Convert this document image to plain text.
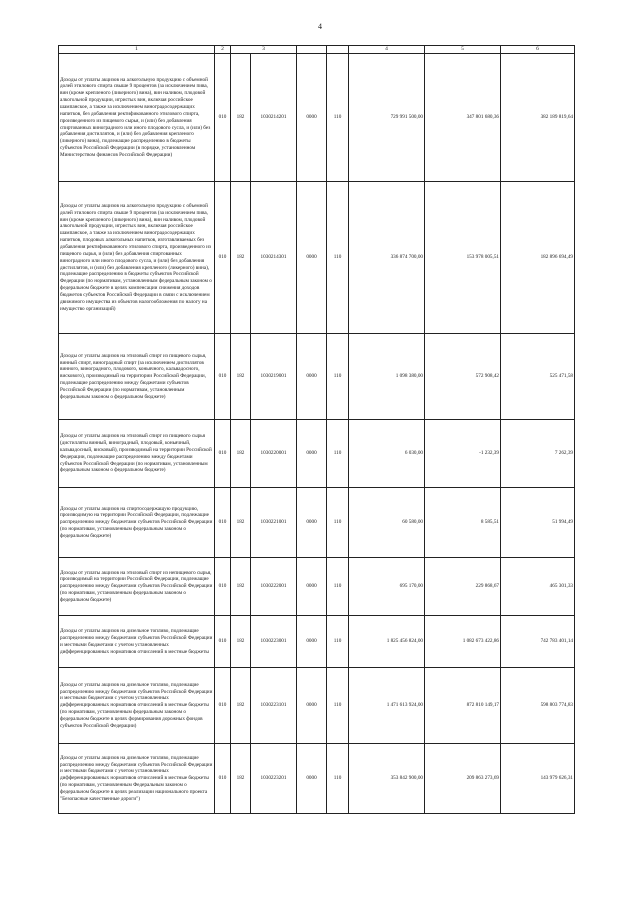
4
1	2	3				4	5	6
Доходы от уплаты акцизов на алкогольную продукцию с объемной долей этилового спирта свыше 9 процентов (за исключением пива, вин (кроме крепленого (ликерного) вина), вин наливом, плодовой алкогольной продукции, игристых вин, включая российское шампанское, а также за исключением виноградосодержащих напитков, без добавления ректификованного этилового спирта, произведенного из пищевого сырья, и (или) без добавления спиртованных виноградного или иного плодового сусла, и (или) без добавления дистиллятов, и (или) без добавления крепленого (ликерного) вина), подлежащие распределению в бюджеты субъектов Российской Федерации (в порядке, установленном Министерством финансов Российской Федерации)	010	182	1030214201	0000	110	729 991 500,00	347 801 680,36	382 189 819,64
Доходы от уплаты акцизов на алкогольную продукцию с объемной долей этилового спирта свыше 9 процентов (за исключением пива, вин (кроме крепленого (ликерного) вина), вин наливом, плодовой алкогольной продукции, игристых вин, включая российское шампанское, а также за исключением виноградосодержащих напитков, плодовых алкогольных напитков, изготавливаемых без добавления ректификованного этилового спирта, произведенного из пищевого сырья, и (или) без добавления спиртованных виноградного или иного плодового сусла, и (или) без добавления дистиллятов, и (или) без добавления крепленого (ликерного) вина), подлежащие распределению в бюджеты субъектов Российской Федерации (по нормативам, установленным федеральным законом о федеральном бюджете в целях компенсации снижения доходов бюджетов субъектов Российской Федерации в связи с исключением движимого имущества из объектов налогообложения по налогу на имущество организаций)	010	182	1030214301	0000	110	336 874 700,00	153 978 005,51	182 896 694,49
Доходы от уплаты акцизов на этиловый спирт из пищевого сырья, винный спирт, виноградный спирт (за исключением дистиллятов винного, виноградного, плодового, коньячного, кальвадосного, вискового), производимый на территории Российской Федерации, подлежащие распределению между бюджетами субъектов Российской Федерации (по нормативам, установленным федеральным законом о федеральном бюджете)	010	182	1030219001	0000	110	1 098 380,00	572 908,42	525 471,58
Доходы от уплаты акцизов на этиловый спирт из пищевого сырья (дистилляты винный, виноградный, плодовый, коньячный, кальвадосный, висковый), производимый на территории Российской Федерации, подлежащие распределению между бюджетами субъектов Российской Федерации (по нормативам, установленным федеральным законом о федеральном бюджете)	010	182	1030220001	0000	110	6 030,00	-1 232,39	7 262,39
Доходы от уплаты акцизов на спиртосодержащую продукцию, производимую на территории Российской Федерации, подлежащие распределению между бюджетами субъектов Российской Федерации (по нормативам, установленным федеральным законом о федеральном бюджете)	010	182	1030221001	0000	110	60 580,00	8 585,51	51 994,49
Доходы от уплаты акцизов на этиловый спирт из непищевого сырья, производимый на территории Российской Федерации, подлежащие распределению между бюджетами субъектов Российской Федерации (по нормативам, установленным федеральным законом о федеральном бюджете)	010	182	1030222001	0000	110	695 170,00	229 868,67	465 301,33
Доходы от уплаты акцизов на дизельное топливо, подлежащие распределению между бюджетами субъектов Российской Федерации и местными бюджетами с учетом установленных дифференцированных нормативов отчислений в местные бюджеты	010	182	1030223001	0000	110	1 825 456 824,00	1 082 673 422,86	742 783 401,14
Доходы от уплаты акцизов на дизельное топливо, подлежащие распределению между бюджетами субъектов Российской Федерации и местными бюджетами с учетом установленных дифференцированных нормативов отчислений в местные бюджеты (по нормативам, установленным федеральным законом о федеральном бюджете в целях формирования дорожных фондов субъектов Российской Федерации)	010	182	1030223101	0000	110	1 471 613 924,00	872 810 149,17	598 803 774,83
Доходы от уплаты акцизов на дизельное топливо, подлежащие распределению между бюджетами субъектов Российской Федерации и местными бюджетами с учетом установленных дифференцированных нормативов отчислений в местные бюджеты (по нормативам, установленным Федеральным законом о федеральном бюджете в целях реализации национального проекта "Безопасные качественные дороги")	010	182	1030223201	0000	110	353 842 900,00	209 863 273,69	143 979 626,31
